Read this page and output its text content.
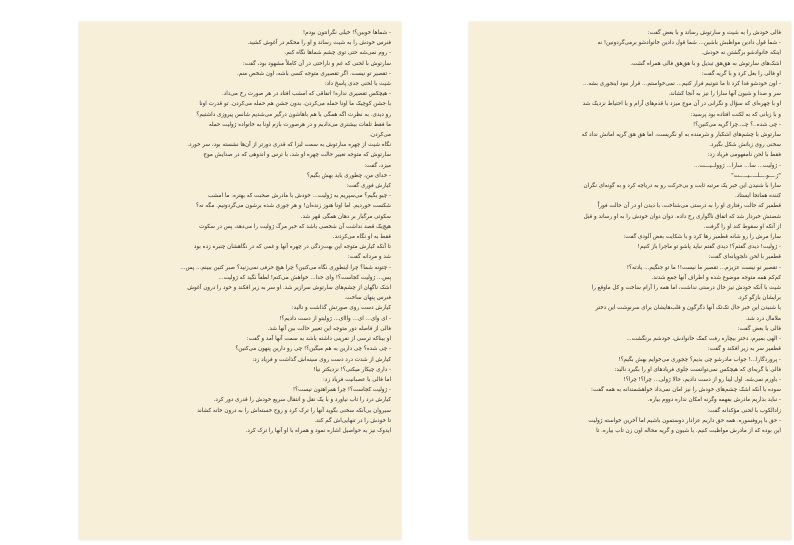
- شما‌ها خوبین؟! خیلی نگرانتون بودم!
فنرس خودش را به شیث رساند و او را محکم در آغوش کشید.
- روم نمی‌شه حتی توی چشم شماها نگاه کنم.
سارتوش با لحنی که غم و ناراحتی در آن کاملاً مشهود بود، گفت:
- تقصیر تو نیست. اگر تقصیری متوجه کسی باشه، اون شخص منم.
شیث با لحنی جدی پاسخ داد:
- هیچکس تقصیری نداره! اتفاقی که امشب افتاد در هر صورت رخ می‌داد.
با جشن کوچیک ما اونا حمله می‌کردن، بدون جشن هم حمله می‌کردن. تو قدرت اونا
رو دیدی. به نظرت اگه همگی با هم باهاشون درگیر می‌شدیم شانس پیروزی داشتیم؟
ما فقط تلفات بیشتری می‌دادیم و در هرصورت بازم اونا به خانواده ژولیت حمله
می‌کردن.
نگاه شیث از چهره سارتوش به سمت لیزا که قدری دورتر از آن‌ها نشسته بود، سر خورد.
سارتوش که متوجه تغییر حالت چهره او شد، با ترس و اندوهی که در صدایش موج
میزد، گفت:
- خدای من، چطوری باید بهش بگیم؟
کیارش فوری گفت:
- چیو بگیم؟ می‌سپریم به ژولیت... خودش با مادرش صحبت که بهتره. ما امشب
شکست خوردیم. اما اونا هنوز زنده‌ان! و هر جوری شده برشون می‌گردونیم. مگه نه؟
سکوتی مرگبار بر دهان همگی مُهر شد.
هیچ‌یک قصد نداشت آن شخصی باشد که خبر مرگ ژولیت را می‌دهد، پس در سکوت
فقط به او نگاه می‌کردند.
تا آنکه کیارش متوجه این بهت‌زدگی در چهره آنها و غمی که در نگاهشان چنبره زده بود
شد و مردانه گفت:
- چتونه شما؟ چرا اینطوری نگاه می‌کنین؟ چرا هیچ حرفی نمی‌زنید؟ صبر کنین ببینم... پس...
پس... ژولیت کجاست؟! وای خدا... خواهش می‌کنم! لطفاً نگید که ژولیت...
اشک ناگهان از چشم‌های سارتوش سرازیر شد. او سر به زیر افکند و خود را درون آغوش
فنرس پنهان ساخت.
کیارش دست روی صورتش گذاشت و نالید:
- ای وای... ای... وااای... ژولیتو از دست دادیم؟!
فالی از فاصله دور متوجه این تغییر حالت بین آنها شد.
او بیناکه ترسی از نفرینی داشته باشد به سمت آنها آمد و گفت:
- چی شده؟ چی دارین به هم میگین؟! چی رو دارین پنهون می‌کنین؟
کیارش از شدت درد دست روی سینه‌اش گذاشت و فریاد زد:
- داری چیکار میکنی؟! نزدیکتر نیا!
اما فالی با عصبانیت فریاد زد:
- ژولیت کجاست؟! چرا همراهتون نیست؟!
کیارش درد را تاب نیاورد و با یک نقل و انتقال سریع خودش را قدری دور کرد.
سیروان بی‌آنکه سخنی بگوید آنها را ترک کرد و روح خسته‌اش را به درون خانه کشاند
تا خودش را در تنهایی‌اش گم کند.
ایدوک نیز به حواصیل اشاره نمود و همراه با او آنها را ترک کرد.
فالی خودش را به شیث و سارتوش رساند و با بغض گفت:
- شما قول دادین مواظبش باشین... شما قول دادین خانوادشو برمی‌گردونین! نه
اینکه خانوادشو برگشتن نه خودش.
اشک‌های سارتوش به هق‌هق تبدیل و با هق‌هق فالی همراه گشت.
او فالی را بغل کرد و با گریه گفت:
- اون خودشو فدا کرد تا ما نتونیم فرار کنیم... نمی‌خواستم... قرار نبود اینجوری بشه...
سر و صدا و شیون آنها سارا را نیز به آنجا کشاند.
او با چهره‌ای که سؤال و نگرانی در آن موج میزد با قدم‌های آرام و با احتیاط نزدیک شد
و با زبانی که به لکنت افتاده بود پرسید:
- چی شده..؟ چــ..چرا گریه می‌کنین؟!
سارتوش با چشم‌های اشکبار و شرمنده به او نگریست، اما هق هق گریه امانش نداد که
سخنی روی زبانش شکل بگیرد.
فقط با لحن نامفهومی فریاد زد:
- ژولیت... سا... سارا... ژوولــیـــت...
"ژ.ـــو.ـــلـــ.ـیــ.ــت"
سارا با شنیدن این خبر یک مرتبه ثابت و بی‌حرکت رو به دریاچه کرد و به گونه‌ای نگران
کننده همانجا ایستاد.
قطمیر که حالت رفتاری او را به درستی می‌شناخت، با دیدن او در آن حالت فوراً
شصتش خبردار شد که اتفاق ناگواری رخ داده. دوان دوان خودش را به او رساند و قبل
از آنکه او سقوط کند او را گرفت.
سارا مرش را رو شانه قطمیر رها کرد و با شکایت بغض آلودی گفت:
- ژولیت! دیدی گفتم؟! دیدی گفتم نباید پاشو تو ماجرا باز کنیم!
قطمیر با لحن دلجویانه‌ای گفت:
- تقصیر تو نیست عزیزم... تقصیر ما نیست!! ما تو جنگیم... یادته؟!
کم‌کم همه متوجه موضوع شده و اطراف آنها جمع شدند.
شیث با آنکه خودش نیز حال درستی نداشت، اما همه را آرام ساخت و کل ماوقع را
برایشان بازگو کرد.
با شنیدن این خبر حال تک‌تک آنها دگرگون و قلب‌هایشان برای سرنوشت این دختر
ملامال درد شد.
فالی با بغض گفت:
- الهی بمیرم، دختر بیچاره رفت کمک خانوادش، خودشم برنگشت...
قطمیر سر به زیر افکند و گفت:
- پروردگارا...! جواب مادرشو چی بدیم؟ چجوری می‌خوایم بهش بگیم؟!
فالی با گریه‌ای که هیچکس نمی‌توانست جلوی فریادهای او را بگیرد نالید:
- باورم نمی‌شه. اول لینا رو از دست دادیم، حالا ژولی... چرا؟! چرا؟!
سوده با آنکه اشک چشم‌های خودش را نیز امان نمی‌داد خواهشمندانه به همه گفت:
- نباید بذاریم مادرش بفهمه وگرنه امکان نداره دووم بیاره.
زادالکوب با لحنی مؤکدانه گفت:
- حق با پروفسوره. همه حق داریم عزادار دوستمون باشیم اما آخرین خواسته ژولیت
این بوده که از مادرش مواظبت کنیم. با شیون و گریه محاله اون زن تاب بیاره. تا
